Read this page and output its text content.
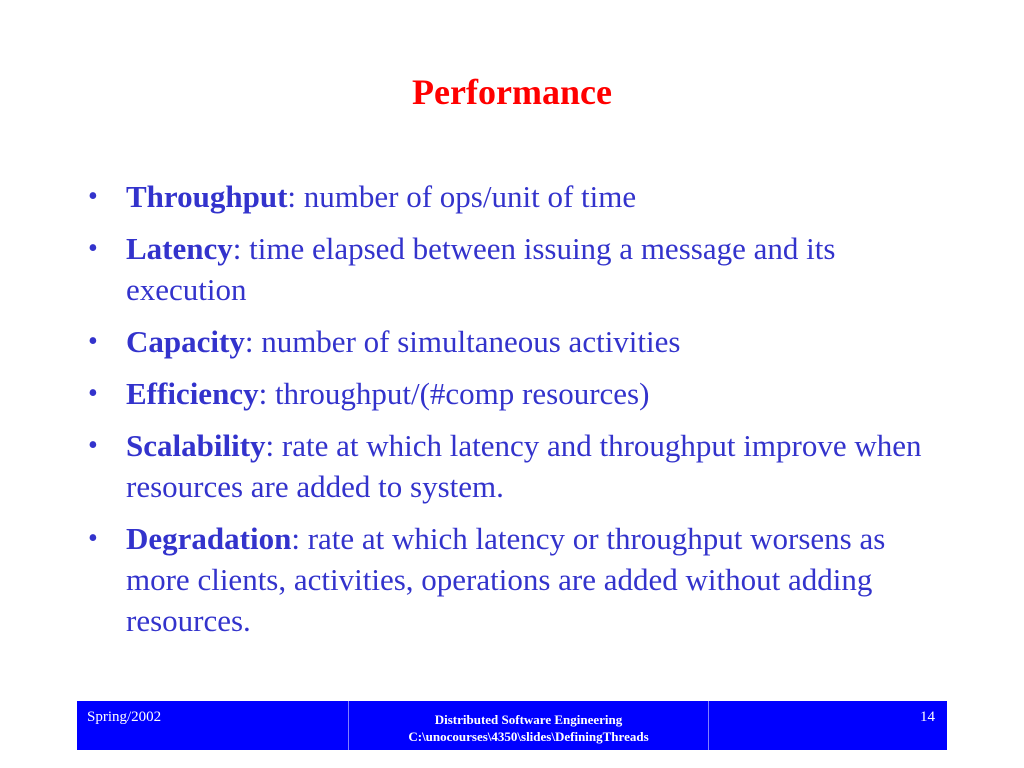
Performance
• Throughput: number of ops/unit of time
• Latency: time elapsed between issuing a message and its execution
• Capacity: number of simultaneous activities
• Efficiency: throughput/(#comp resources)
• Scalability: rate at which latency and throughput improve when resources are added to system.
• Degradation: rate at which latency or throughput worsens as more clients, activities, operations are added without adding resources.
Spring/2002	Distributed Software Engineering
C:\unocourses\4350\slides\DefiningThreads
14
